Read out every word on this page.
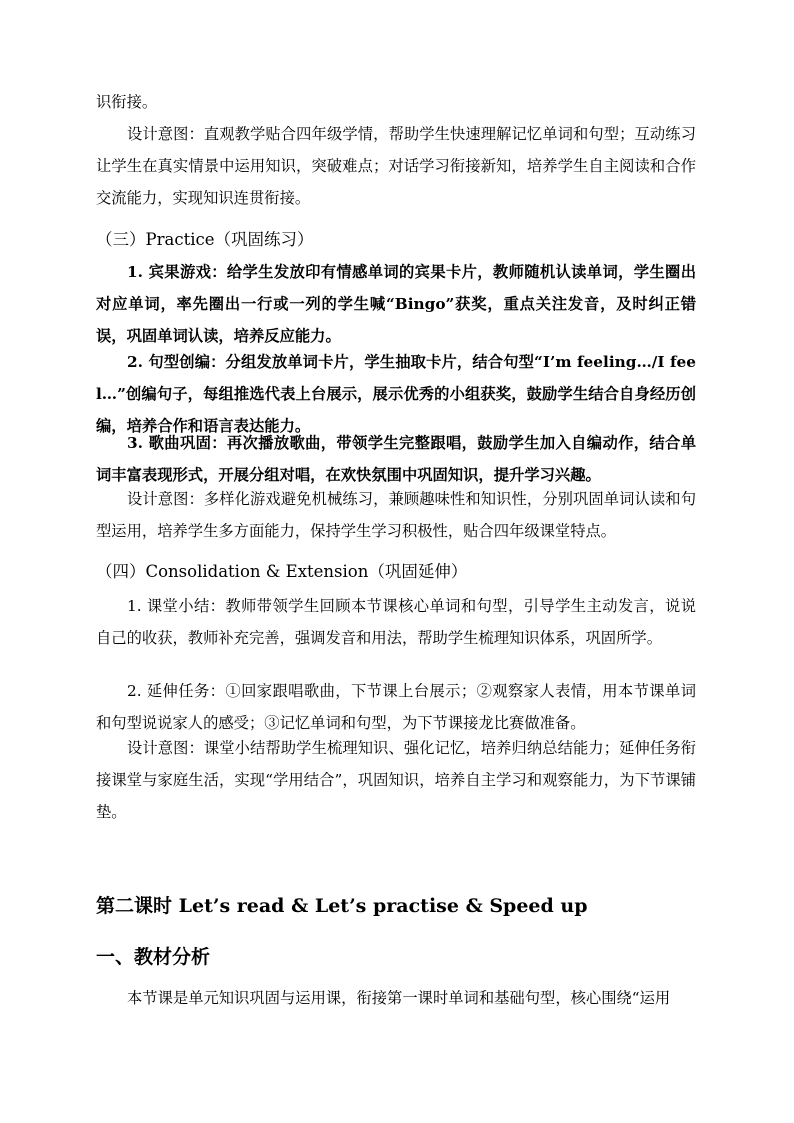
识衔接。

设计意图：直观教学贴合四年级学情，帮助学生快速理解记忆单词和句型；互动练习让学生在真实情景中运用知识，突破难点；对话学习衔接新知，培养学生自主阅读和合作交流能力，实现知识连贯衔接。

（三）Practice（巩固练习）

1. 宾果游戏：给学生发放印有情感单词的宾果卡片，教师随机认读单词，学生圈出对应单词，率先圈出一行或一列的学生喊“Bingo”获奖，重点关注发音，及时纠正错误，巩固单词认读，培养反应能力。

2. 句型创编：分组发放单词卡片，学生抽取卡片，结合句型“I’m feeling…/I feel…”创编句子，每组推选代表上台展示，展示优秀的小组获奖，鼓励学生结合自身经历创编，培养合作和语言表达能力。

3. 歌曲巩固：再次播放歌曲，带领学生完整跟唱，鼓励学生加入自编动作，结合单词丰富表现形式，开展分组对唱，在欢快氛围中巩固知识，提升学习兴趣。

设计意图：多样化游戏避免机械练习，兼顾趣味性和知识性，分别巩固单词认读和句型运用，培养学生多方面能力，保持学生学习积极性，贴合四年级课堂特点。

（四）Consolidation & Extension（巩固延伸）

1. 课堂小结：教师带领学生回顾本节课核心单词和句型，引导学生主动发言，说说自己的收获，教师补充完善，强调发音和用法，帮助学生梳理知识体系，巩固所学。

2. 延伸任务：①回家跟唱歌曲，下节课上台展示；②观察家人表情，用本节课单词和句型说说家人的感受；③记忆单词和句型，为下节课接龙比赛做准备。

设计意图：课堂小结帮助学生梳理知识、强化记忆，培养归纳总结能力；延伸任务衔接课堂与家庭生活，实现“学用结合”，巩固知识，培养自主学习和观察能力，为下节课铺垫。

第二课时 Let’s read & Let’s practise & Speed up

一、教材分析

本节课是单元知识巩固与运用课，衔接第一课时单词和基础句型，核心围绕“运用
